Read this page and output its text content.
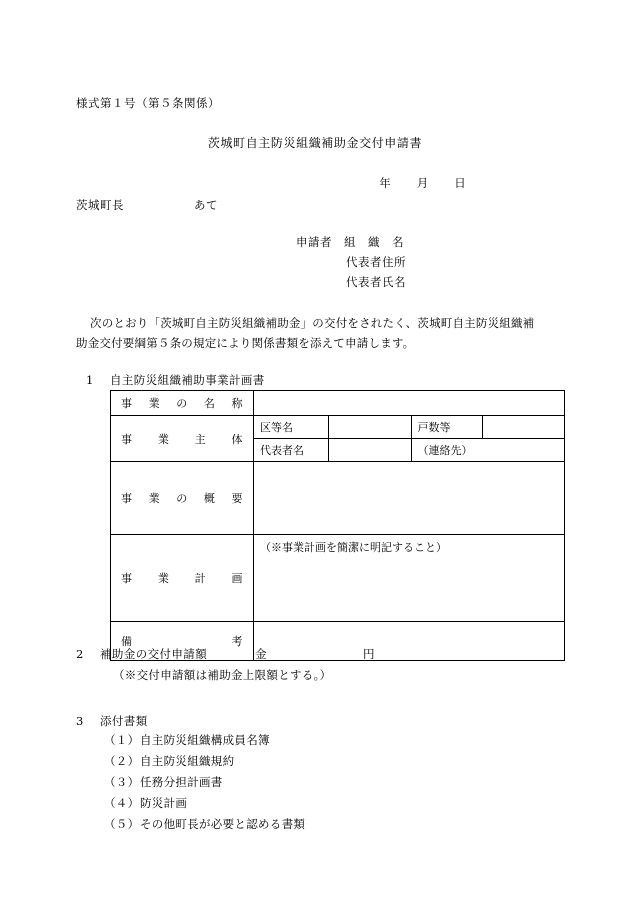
様式第１号（第５条関係）
茨城町自主防災組織補助金交付申請書
年 月 日
茨城町長	あて
申請者　組　織　名
代表者住所
代表者氏名
次のとおり「茨城町自主防災組織補助金」の交付をされたく、茨城町自主防災組織補
助金交付要綱第５条の規定により関係書類を添えて申請します。
1 自主防災組織補助事業計画書
事　業　の　名　称				

事　業　主　体	区等名		戸数等	
	代表者名		（連絡先）	

事　業　の　概　要				

事　業　計　画	（※事業計画を簡潔に明記すること）			

備　　　　　考				

2 補助金の交付申請額	金	円
（※交付申請額は補助金上限額とする。）
3 添付書類
（１）自主防災組織構成員名簿
（２）自主防災組織規約
（３）任務分担計画書
（４）防災計画
（５）その他町長が必要と認める書類
